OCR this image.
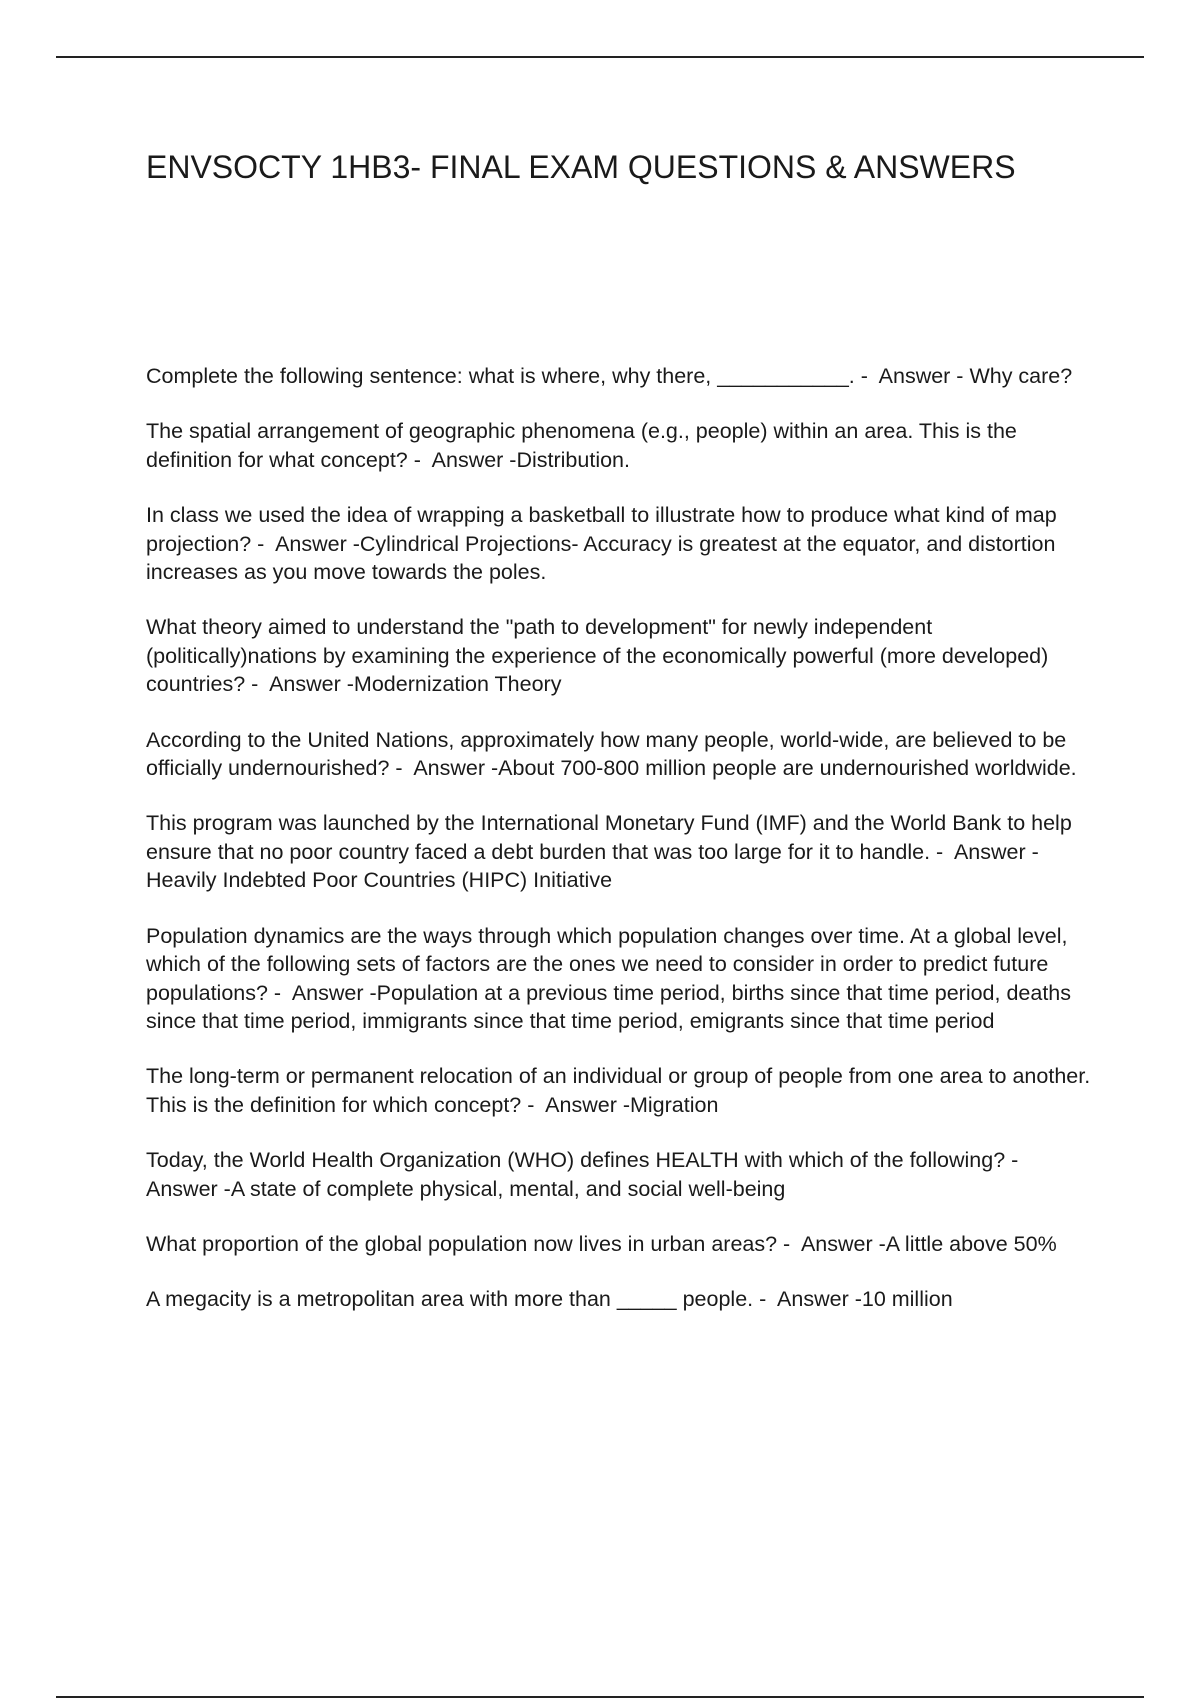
ENVSOCTY 1HB3- FINAL EXAM QUESTIONS & ANSWERS
Complete the following sentence: what is where, why there, ___________. -  Answer - Why care?
The spatial arrangement of geographic phenomena (e.g., people) within an area. This is the definition for what concept? -  Answer -Distribution.
In class we used the idea of wrapping a basketball to illustrate how to produce what kind of map projection? -  Answer -Cylindrical Projections- Accuracy is greatest at the equator, and distortion increases as you move towards the poles.
What theory aimed to understand the "path to development" for newly independent (politically)nations by examining the experience of the economically powerful (more developed) countries? -  Answer -Modernization Theory
According to the United Nations, approximately how many people, world-wide, are believed to be officially undernourished? -  Answer -About 700-800 million people are undernourished worldwide.
This program was launched by the International Monetary Fund (IMF) and the World Bank to help ensure that no poor country faced a debt burden that was too large for it to handle. -  Answer -Heavily Indebted Poor Countries (HIPC) Initiative
Population dynamics are the ways through which population changes over time. At a global level, which of the following sets of factors are the ones we need to consider in order to predict future populations? -  Answer -Population at a previous time period, births since that time period, deaths since that time period, immigrants since that time period, emigrants since that time period
The long-term or permanent relocation of an individual or group of people from one area to another. This is the definition for which concept? -  Answer -Migration
Today, the World Health Organization (WHO) defines HEALTH with which of the following? -  Answer -A state of complete physical, mental, and social well-being
What proportion of the global population now lives in urban areas? -  Answer -A little above 50%
A megacity is a metropolitan area with more than _____ people. -  Answer -10 million
